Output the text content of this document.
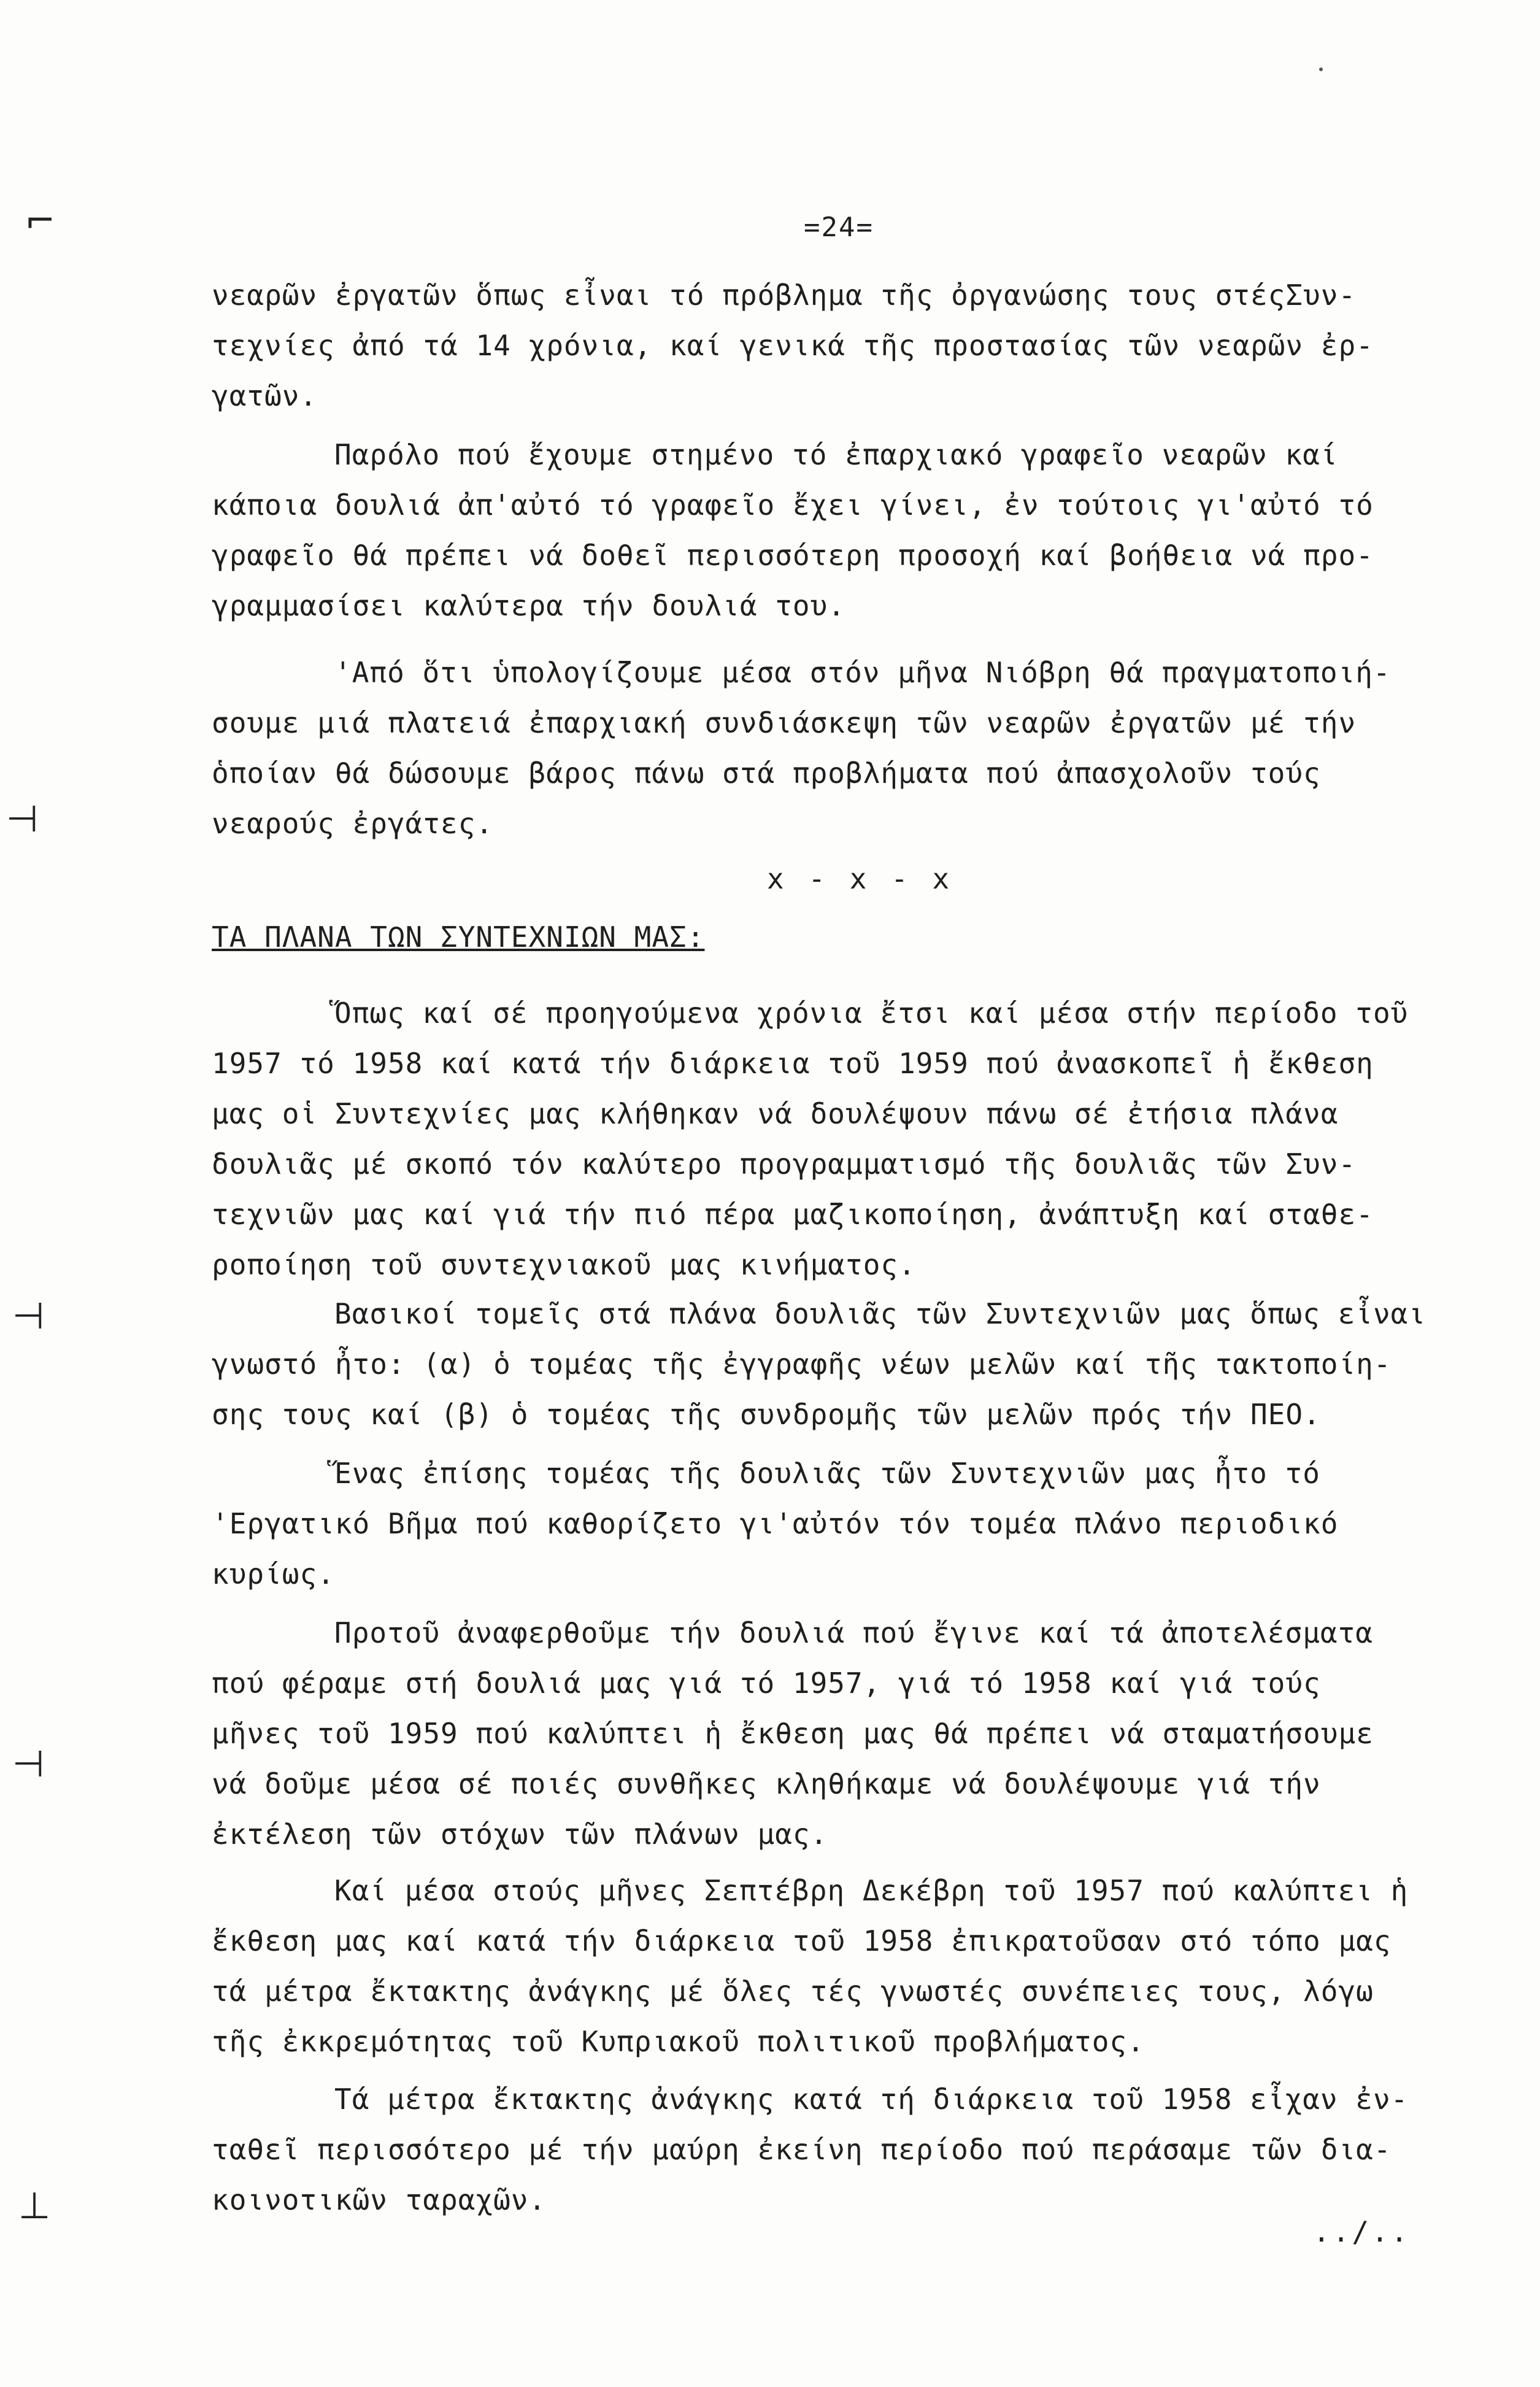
⌐
⊣
⊣
⊣
⊥
=24=
νεαρῶν ἐργατῶν ὅπως εἶναι τό πρόβλημα τῆς ὀργανώσης τους στέςΣυν-
τεχνίες ἀπό τά 14 χρόνια, καί γενικά τῆς προστασίας τῶν νεαρῶν ἐρ-
γατῶν.
Παρόλο πού ἔχουμε στημένο τό ἐπαρχιακό γραφεῖο νεαρῶν καί
κάποια δουλιά ἀπ'αὐτό τό γραφεῖο ἔχει γίνει, ἐν τούτοις γι'αὐτό τό
γραφεῖο θά πρέπει νά δοθεῖ περισσότερη προσοχή καί βοήθεια νά προ-
γραμμασίσει καλύτερα τήν δουλιά του.
'Από ὅτι ὑπολογίζουμε μέσα στόν μῆνα Νιόβρη θά πραγματοποιή-
σουμε μιά πλατειά ἐπαρχιακή συνδιάσκεψη τῶν νεαρῶν ἐργατῶν μέ τήν
ὁποίαν θά δώσουμε βάρος πάνω στά προβλήματα πού ἀπασχολοῦν τούς
νεαρούς ἐργάτες.
x - x - x
ΤΑ ΠΛΑΝΑ ΤΩΝ ΣΥΝΤΕΧΝΙΩΝ ΜΑΣ:
Ὅπως καί σέ προηγούμενα χρόνια ἔτσι καί μέσα στήν περίοδο τοῦ
1957 τό 1958 καί κατά τήν διάρκεια τοῦ 1959 πού ἀνασκοπεῖ ἡ ἔκθεση
μας οἱ Συντεχνίες μας κλήθηκαν νά δουλέψουν πάνω σέ ἐτήσια πλάνα
δουλιᾶς μέ σκοπό τόν καλύτερο προγραμματισμό τῆς δουλιᾶς τῶν Συν-
τεχνιῶν μας καί γιά τήν πιό πέρα μαζικοποίηση, ἀνάπτυξη καί σταθε-
ροποίηση τοῦ συντεχνιακοῦ μας κινήματος.
Βασικοί τομεῖς στά πλάνα δουλιᾶς τῶν Συντεχνιῶν μας ὅπως εἶναι
γνωστό ἦτο: (α) ὁ τομέας τῆς ἐγγραφῆς νέων μελῶν καί τῆς τακτοποίη-
σης τους καί (β) ὁ τομέας τῆς συνδρομῆς τῶν μελῶν πρός τήν ΠΕΟ.
Ἕνας ἐπίσης τομέας τῆς δουλιᾶς τῶν Συντεχνιῶν μας ἦτο τό
'Εργατικό Βῆμα πού καθορίζετο γι'αὐτόν τόν τομέα πλάνο περιοδικό
κυρίως.
Προτοῦ ἀναφερθοῦμε τήν δουλιά πού ἔγινε καί τά ἀποτελέσματα
πού φέραμε στή δουλιά μας γιά τό 1957, γιά τό 1958 καί γιά τούς
μῆνες τοῦ 1959 πού καλύπτει ἡ ἔκθεση μας θά πρέπει νά σταματήσουμε
νά δοῦμε μέσα σέ ποιές συνθῆκες κληθήκαμε νά δουλέψουμε γιά τήν
ἐκτέλεση τῶν στόχων τῶν πλάνων μας.
Καί μέσα στούς μῆνες Σεπτέβρη Δεκέβρη τοῦ 1957 πού καλύπτει ἡ
ἔκθεση μας καί κατά τήν διάρκεια τοῦ 1958 ἐπικρατοῦσαν στό τόπο μας
τά μέτρα ἔκτακτης ἀνάγκης μέ ὅλες τές γνωστές συνέπειες τους, λόγω
τῆς ἐκκρεμότητας τοῦ Κυπριακοῦ πολιτικοῦ προβλήματος.
Τά μέτρα ἔκτακτης ἀνάγκης κατά τή διάρκεια τοῦ 1958 εἶχαν ἐν-
ταθεῖ περισσότερο μέ τήν μαύρη ἐκείνη περίοδο πού περάσαμε τῶν δια-
κοινοτικῶν ταραχῶν.
../..
